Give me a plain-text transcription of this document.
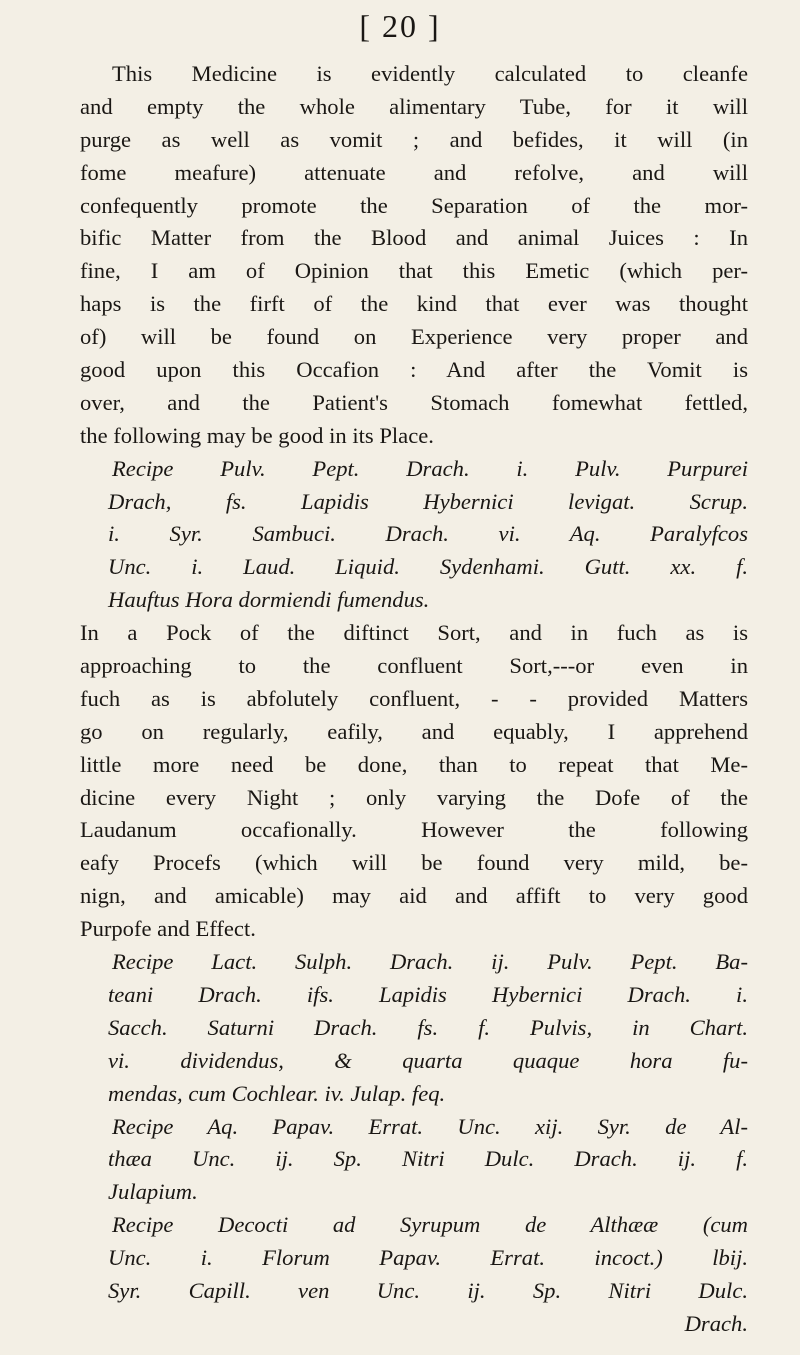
[ 20 ]
This Medicine is evidently calculated to cleanfe
and empty the whole alimentary Tube, for it will
purge as well as vomit ; and befides, it will (in
fome meafure) attenuate and refolve, and will
confequently promote the Separation of the mor-
bific Matter from the Blood and animal Juices : In
fine, I am of Opinion that this Emetic (which per-
haps is the firft of the kind that ever was thought
of) will be found on Experience very proper and
good upon this Occafion : And after the Vomit is
over, and the Patient's Stomach fomewhat fettled,
the following may be good in its Place.
Recipe Pulv. Pept. Drach. i. Pulv. Purpurei
Drach, fs. Lapidis Hybernici levigat. Scrup.
i. Syr. Sambuci. Drach. vi. Aq. Paralyfcos
Unc. i. Laud. Liquid. Sydenhami. Gutt. xx. f.
Hauftus Hora dormiendi fumendus.
In a Pock of the diftinct Sort, and in fuch as is
approaching to the confluent Sort,---or even in
fuch as is abfolutely confluent, - - provided Matters
go on regularly, eafily, and equably, I apprehend
little more need be done, than to repeat that Me-
dicine every Night ; only varying the Dofe of the
Laudanum occafionally. However the following
eafy Procefs (which will be found very mild, be-
nign, and amicable) may aid and affift to very good
Purpofe and Effect.
Recipe Lact. Sulph. Drach. ij. Pulv. Pept. Ba-
teani Drach. ifs. Lapidis Hybernici Drach. i.
Sacch. Saturni Drach. fs. f. Pulvis, in Chart.
vi. dividendus, & quarta quaque hora fu-
mendas, cum Cochlear. iv. Julap. feq.
Recipe Aq. Papav. Errat. Unc. xij. Syr. de Al-
thæa Unc. ij. Sp. Nitri Dulc. Drach. ij. f.
Julapium.
Recipe Decocti ad Syrupum de Althææ (cum
Unc. i. Florum Papav. Errat. incoct.) lbij.
Syr. Capill. ven Unc. ij. Sp. Nitri Dulc.
Drach.
